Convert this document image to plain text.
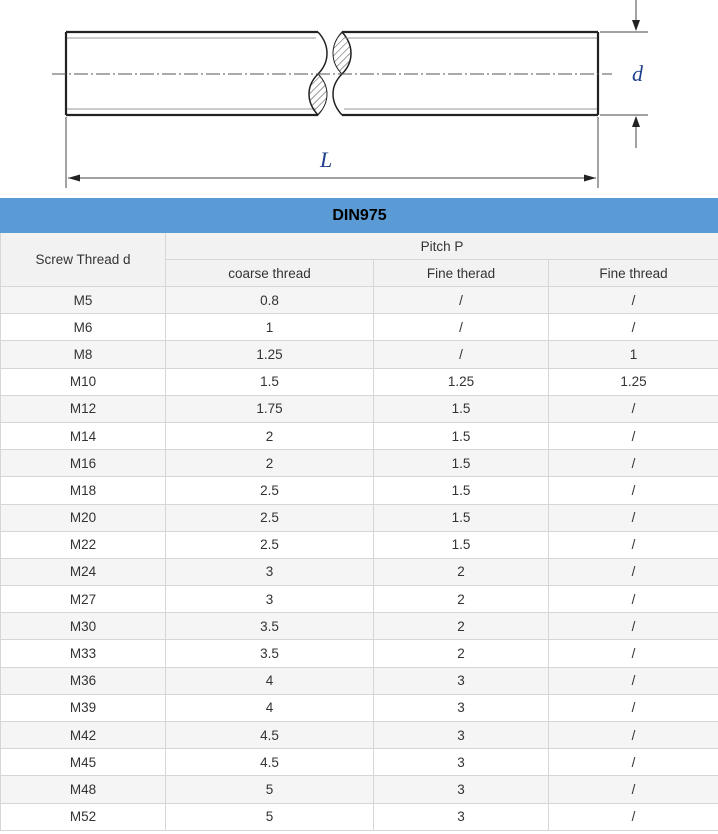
d
L
DIN975			
Screw Thread d	Pitch P		
	coarse thread	Fine therad	Fine thread
M5	0.8	/	/
M6	1	/	/
M8	1.25	/	1
M10	1.5	1.25	1.25
M12	1.75	1.5	/
M14	2	1.5	/
M16	2	1.5	/
M18	2.5	1.5	/
M20	2.5	1.5	/
M22	2.5	1.5	/
M24	3	2	/
M27	3	2	/
M30	3.5	2	/
M33	3.5	2	/
M36	4	3	/
M39	4	3	/
M42	4.5	3	/
M45	4.5	3	/
M48	5	3	/
M52	5	3	/
